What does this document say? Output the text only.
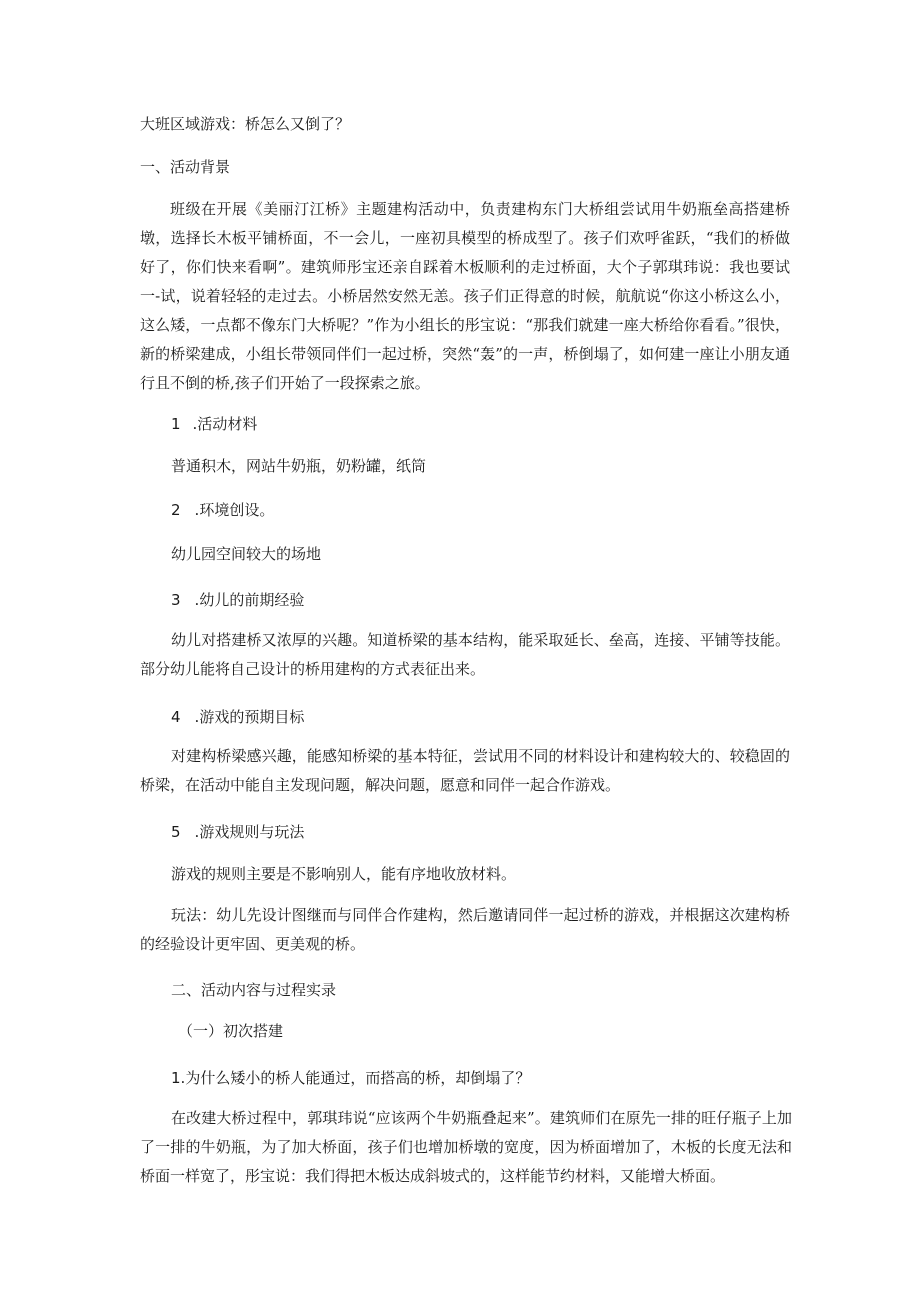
大班区域游戏：桥怎么又倒了？
一、活动背景
班级在开展《美丽汀江桥》主题建构活动中，负责建构东门大桥组尝试用牛奶瓶垒高搭建桥墩，选择长木板平铺桥面，不一会儿，一座初具模型的桥成型了。孩子们欢呼雀跃，“我们的桥做好了，你们快来看啊”。建筑师彤宝还亲自踩着木板顺利的走过桥面，大个子郭琪玮说：我也要试一-试，说着轻轻的走过去。小桥居然安然无恙。孩子们正得意的时候，航航说“你这小桥这么小，这么矮，一点都不像东门大桥呢？”作为小组长的彤宝说：“那我们就建一座大桥给你看看。”很快，新的桥梁建成，小组长带领同伴们一起过桥，突然“轰”的一声，桥倒塌了，如何建一座让小朋友通行且不倒的桥,孩子们开始了一段探索之旅。
1 .活动材料
普通积木，网站牛奶瓶，奶粉罐，纸筒
2 .环境创设。
幼儿园空间较大的场地
3 .幼儿的前期经验
幼儿对搭建桥又浓厚的兴趣。知道桥梁的基本结构，能采取延长、垒高，连接、平铺等技能。部分幼儿能将自己设计的桥用建构的方式表征出来。
4 .游戏的预期目标
对建构桥梁感兴趣，能感知桥梁的基本特征，尝试用不同的材料设计和建构较大的、较稳固的桥梁，在活动中能自主发现问题，解决问题，愿意和同伴一起合作游戏。
5 .游戏规则与玩法
游戏的规则主要是不影响别人，能有序地收放材料。
玩法：幼儿先设计图继而与同伴合作建构，然后邀请同伴一起过桥的游戏，并根据这次建构桥的经验设计更牢固、更美观的桥。
二、活动内容与过程实录
（一）初次搭建
1.为什么矮小的桥人能通过，而搭高的桥，却倒塌了？
在改建大桥过程中，郭琪玮说“应该两个牛奶瓶叠起来”。建筑师们在原先一排的旺仔瓶子上加了一排的牛奶瓶，为了加大桥面，孩子们也增加桥墩的宽度，因为桥面增加了，木板的长度无法和桥面一样宽了，彤宝说：我们得把木板达成斜坡式的，这样能节约材料，又能增大桥面。
